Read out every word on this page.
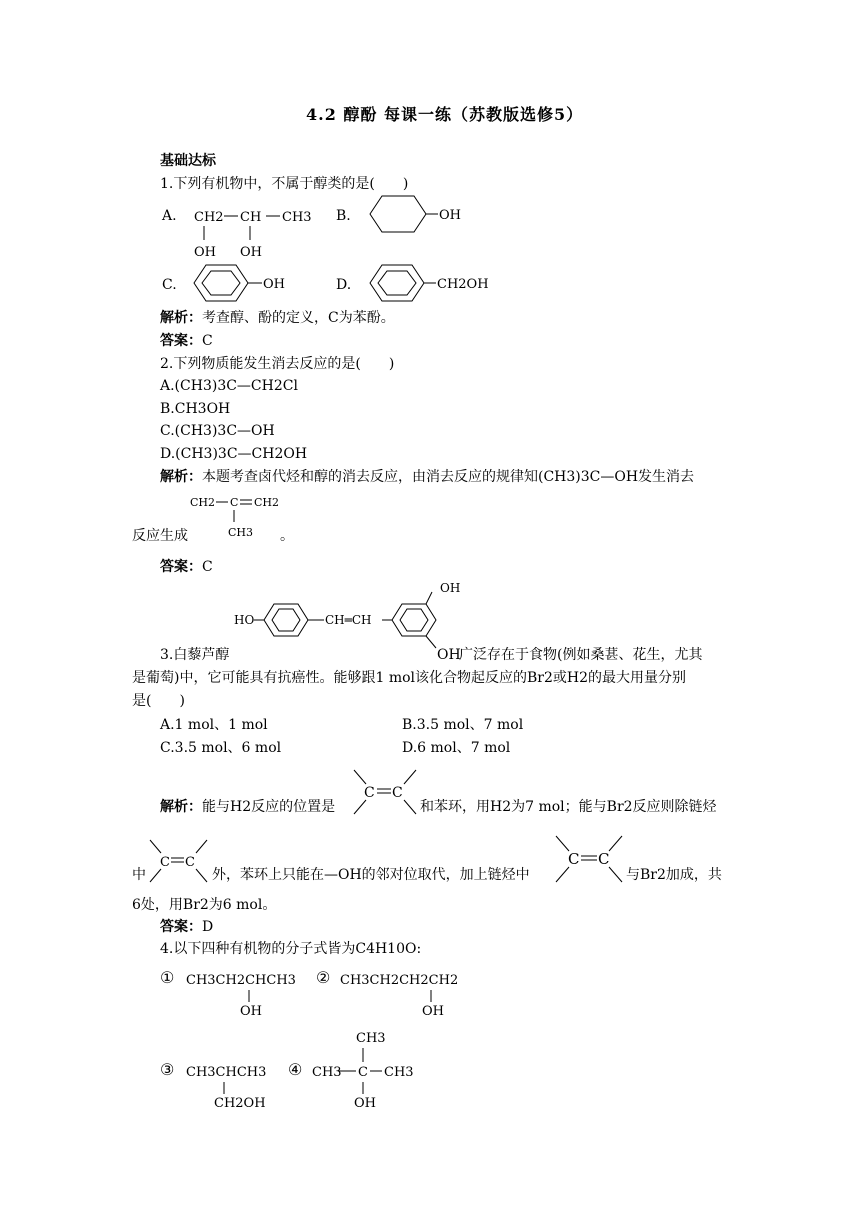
4.2 醇酚 每课一练（苏教版选修5）
基础达标
1.下列有机物中，不属于醇类的是(　　)
A. CH2 CH CH3
OH OH
B.	OH
C.	OH	D.	CH2OH
解析：考查醇、酚的定义，C为苯酚。
答案：C
2.下列物质能发生消去反应的是(　　)
A.(CH3)3C—CH2Cl
B.CH3OH
C.(CH3)3C—OH
D.(CH3)3C—CH2OH
解析：本题考查卤代烃和醇的消去反应，由消去反应的规律知(CH3)3C—OH发生消去
反应生成
CH2 C CH2
CH3 。
答案：C
HO	CH═CH
OH
3.白藜芦醇	OH
广泛存在于食物(例如桑葚、花生，尤其
是葡萄)中，它可能具有抗癌性。能够跟1 mol该化合物起反应的Br2或H2的最大用量分别
是(　　)
A.1 mol、1 mol	B.3.5 mol、7 mol
C.3.5 mol、6 mol	D.6 mol、7 mol
解析：能与H2反应的位置是
C C
和苯环，用H2为7 mol；能与Br2反应则除链烃
中
C C
外，苯环上只能在—OH的邻对位取代，加上链烃中
C C
与Br2加成，共
6处，用Br2为6 mol。
答案：D
4.以下四种有机物的分子式皆为C4H10O:
① CH3CH2CHCH3
OH
② CH3CH2CH2CH2
OH
③ CH3CHCH3
CH2OH
④
CH3
CH3 C CH3
OH
